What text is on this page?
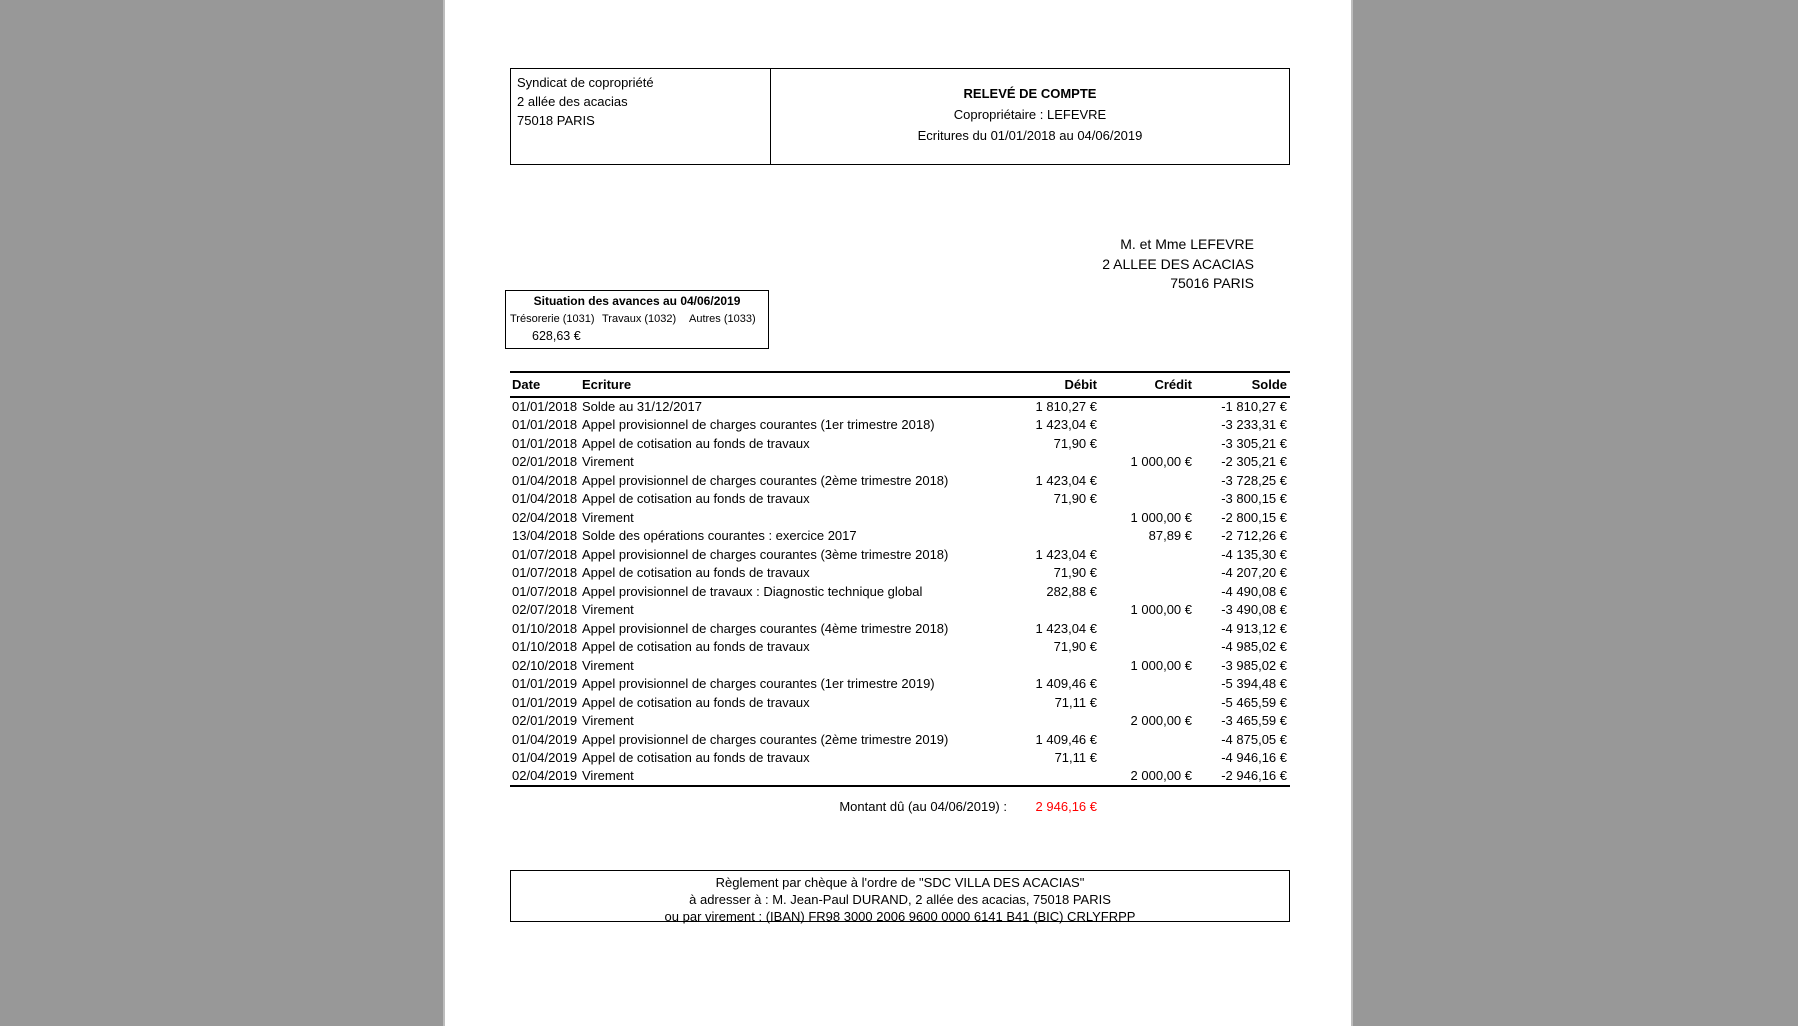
Syndicat de copropriété
2 allée des acacias
75018 PARIS
RELEVÉ DE COMPTE
Copropriétaire : LEFEVRE
Ecritures du 01/01/2018 au 04/06/2019
M. et Mme LEFEVRE
2 ALLEE DES ACACIAS
75016 PARIS
Situation des avances au 04/06/2019
Trésorerie (1031) Travaux (1032)	Autres (1033)
628,63 €
Date	Ecriture	Débit	Crédit	Solde
01/01/2018	Solde au 31/12/2017	1 810,27 €		-1 810,27 €
01/01/2018	Appel provisionnel de charges courantes (1er trimestre 2018)	1 423,04 €		-3 233,31 €
01/01/2018	Appel de cotisation au fonds de travaux	71,90 €		-3 305,21 €
02/01/2018	Virement		1 000,00 €	-2 305,21 €
01/04/2018	Appel provisionnel de charges courantes (2ème trimestre 2018)	1 423,04 €		-3 728,25 €
01/04/2018	Appel de cotisation au fonds de travaux	71,90 €		-3 800,15 €
02/04/2018	Virement		1 000,00 €	-2 800,15 €
13/04/2018	Solde des opérations courantes : exercice 2017		87,89 €	-2 712,26 €
01/07/2018	Appel provisionnel de charges courantes (3ème trimestre 2018)	1 423,04 €		-4 135,30 €
01/07/2018	Appel de cotisation au fonds de travaux	71,90 €		-4 207,20 €
01/07/2018	Appel provisionnel de travaux : Diagnostic technique global	282,88 €		-4 490,08 €
02/07/2018	Virement		1 000,00 €	-3 490,08 €
01/10/2018	Appel provisionnel de charges courantes (4ème trimestre 2018)	1 423,04 €		-4 913,12 €
01/10/2018	Appel de cotisation au fonds de travaux	71,90 €		-4 985,02 €
02/10/2018	Virement		1 000,00 €	-3 985,02 €
01/01/2019	Appel provisionnel de charges courantes (1er trimestre 2019)	1 409,46 €		-5 394,48 €
01/01/2019	Appel de cotisation au fonds de travaux	71,11 €		-5 465,59 €
02/01/2019	Virement		2 000,00 €	-3 465,59 €
01/04/2019	Appel provisionnel de charges courantes (2ème trimestre 2019)	1 409,46 €		-4 875,05 €
01/04/2019	Appel de cotisation au fonds de travaux	71,11 €		-4 946,16 €
02/04/2019	Virement		2 000,00 €	-2 946,16 €
Montant dû (au 04/06/2019) :	2 946,16 €
Règlement par chèque à l'ordre de "SDC VILLA DES ACACIAS"
à adresser à : M. Jean-Paul DURAND, 2 allée des acacias, 75018 PARIS
ou par virement : (IBAN) FR98 3000 2006 9600 0000 6141 B41 (BIC) CRLYFRPP
